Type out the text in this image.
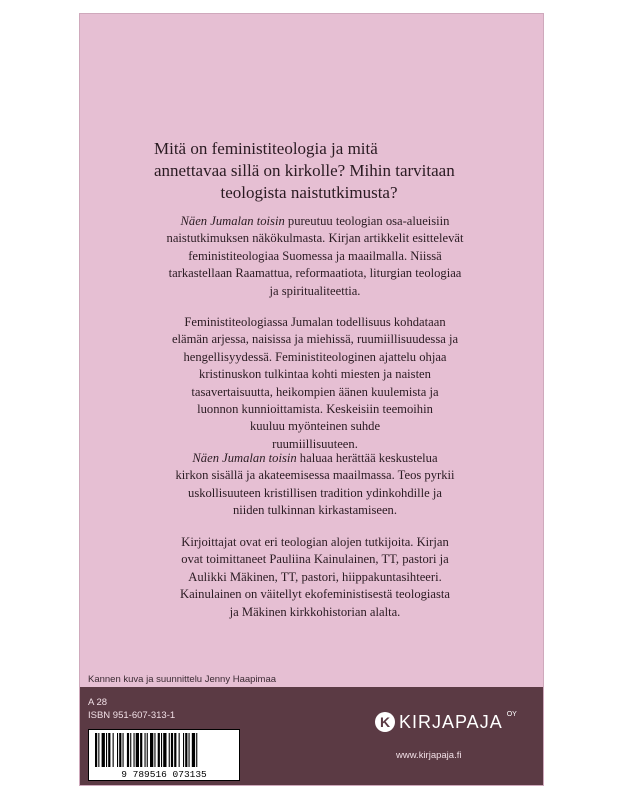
Mitä on feministiteologia ja mitä
annettavaa sillä on kirkolle? Mihin tarvitaan
teologista naistutkimusta?
Näen Jumalan toisin pureutuu teologian osa-alueisiin
naistutkimuksen näkökulmasta. Kirjan artikkelit esittelevät
feministiteologiaa Suomessa ja maailmalla. Niissä
tarkastellaan Raamattua, reformaatiota, liturgian teologiaa
ja spiritualiteettia.
Feministiteologiassa Jumalan todellisuus kohdataan
elämän arjessa, naisissa ja miehissä, ruumiillisuudessa ja
hengellisyydessä. Feministiteologinen ajattelu ohjaa
kristinuskon tulkintaa kohti miesten ja naisten
tasavertaisuutta, heikompien äänen kuulemista ja
luonnon kunnioittamista. Keskeisiin teemoihin
kuuluu myönteinen suhde
ruumiillisuuteen.
Näen Jumalan toisin haluaa herättää keskustelua
kirkon sisällä ja akateemisessa maailmassa. Teos pyrkii
uskollisuuteen kristillisen tradition ydinkohdille ja
niiden tulkinnan kirkastamiseen.
Kirjoittajat ovat eri teologian alojen tutkijoita. Kirjan
ovat toimittaneet Pauliina Kainulainen, TT, pastori ja
Aulikki Mäkinen, TT, pastori, hiippakuntasihteeri.
Kainulainen on väitellyt ekofeministisestä teologiasta
ja Mäkinen kirkkohistorian alalta.
Kannen kuva ja suunnittelu Jenny Haapimaa
A 28
ISBN 951-607-313-1
9 789516 073135
K KIRJAPAJA OY
www.kirjapaja.fi
